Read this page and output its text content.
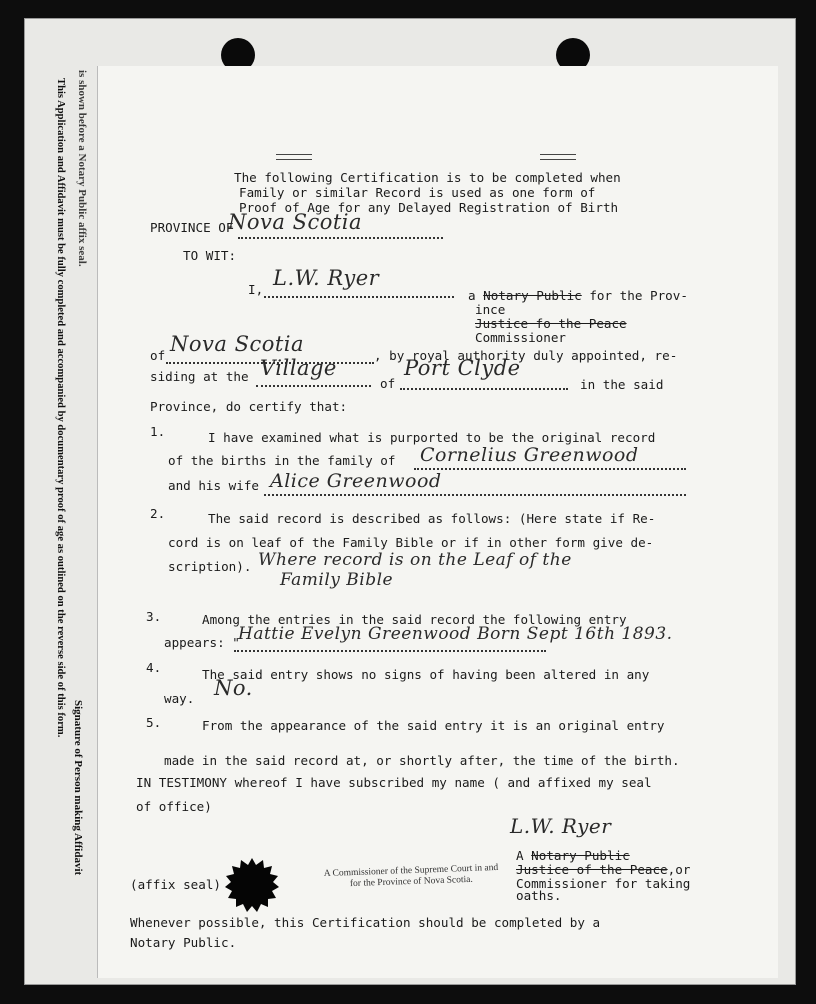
is shown before a Notary Public affix seal.
This Application and Affidavit must be fully completed and accompanied by documentary proof of age as outlined on the reverse side of this form.
Signature of Person making Affidavit
The following Certification is to be completed when
Family or similar Record is used as one form of
Proof of Age for any Delayed Registration of Birth
PROVINCE OF
Nova Scotia
TO WIT:
I, L.W. Ryer
a Notary Public for the Prov-
ince
Justice fo the Peace
Commissioner
of Nova Scotia	, by royal authority duly appointed, re-
siding at the Village
of
Port Clyde
in the said
Province, do certify that:
1.	I have examined what is purported to be the original record
of the births in the family of Cornelius Greenwood
and his wife Alice Greenwood
2.	The said record is described as follows: (Here state if Re-
cord is on leaf of the Family Bible or if in other form give de-
scription). Where record is on the Leaf of the
Family Bible
3.	Among the entries in the said record the following entry
appears: "
Hattie Evelyn Greenwood Born Sept 16th 1893.
4.	The said entry shows no signs of having been altered in any
way. No.
5.	From the appearance of the said entry it is an original entry
made in the said record at, or shortly after, the time of the birth.
IN TESTIMONY whereof I have subscribed my name ( and affixed my seal
of office)
L.W. Ryer
A Notary Public
Justice of the Peace,or
Commissioner for taking
oaths.
A Commissioner of the Supreme Court in and
for the Province of Nova Scotia.
(affix seal)
Whenever possible, this Certification should be completed by a
Notary Public.
